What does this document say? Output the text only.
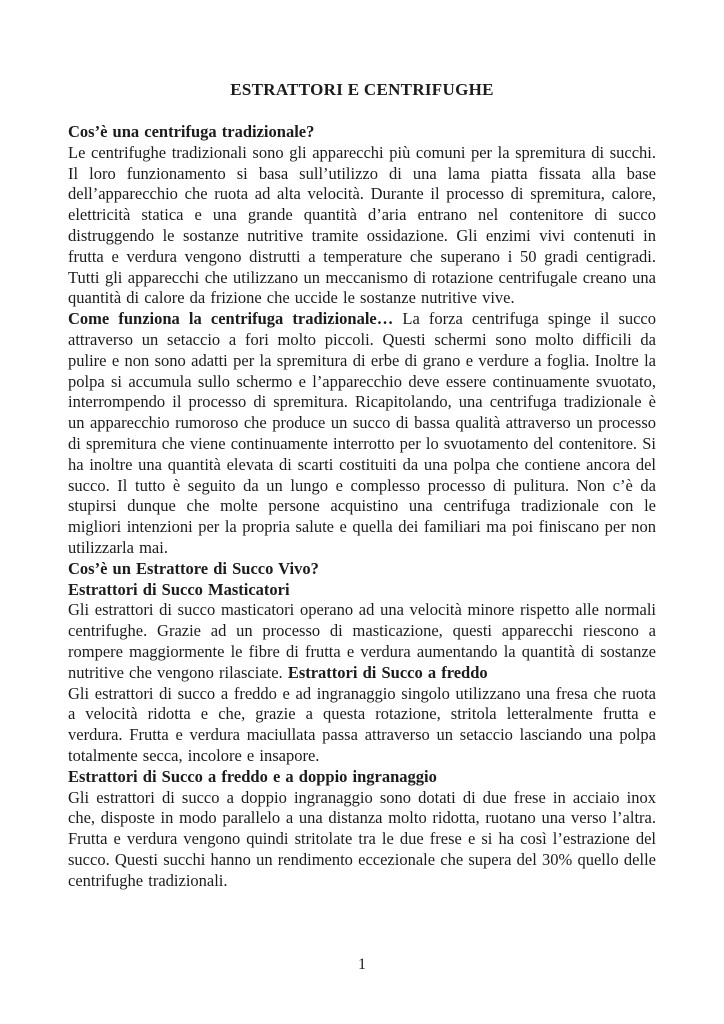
ESTRATTORI E CENTRIFUGHE

Cos’è una centrifuga tradizionale?

Le centrifughe tradizionali sono gli apparecchi più comuni per la spremitura di succhi. Il loro funzionamento si basa sull’utilizzo di una lama piatta fissata alla base dell’apparecchio che ruota ad alta velocità. Durante il processo di spremitura, calore, elettricità statica e una grande quantità d’aria entrano nel contenitore di succo distruggendo le sostanze nutritive tramite ossidazione. Gli enzimi vivi contenuti in frutta e verdura vengono distrutti a temperature che superano i 50 gradi centigradi. Tutti gli apparecchi che utilizzano un meccanismo di rotazione centrifugale creano una quantità di calore da frizione che uccide le sostanze nutritive vive.

Come funziona la centrifuga tradizionale… La forza centrifuga spinge il succo attraverso un setaccio a fori molto piccoli. Questi schermi sono molto difficili da pulire e non sono adatti per la spremitura di erbe di grano e verdure a foglia. Inoltre la polpa si accumula sullo schermo e l’apparecchio deve essere continuamente svuotato, interrompendo il processo di spremitura. Ricapitolando, una centrifuga tradizionale è un apparecchio rumoroso che produce un succo di bassa qualità attraverso un processo di spremitura che viene continuamente interrotto per lo svuotamento del contenitore. Si ha inoltre una quantità elevata di scarti costituiti da una polpa che contiene ancora del succo. Il tutto è seguito da un lungo e complesso processo di pulitura. Non c’è da stupirsi dunque che molte persone acquistino una centrifuga tradizionale con le migliori intenzioni per la propria salute e quella dei familiari ma poi finiscano per non utilizzarla mai.

Cos’è un Estrattore di Succo Vivo?

Estrattori di Succo Masticatori

Gli estrattori di succo masticatori operano ad una velocità minore rispetto alle normali centrifughe. Grazie ad un processo di masticazione, questi apparecchi riescono a rompere maggiormente le fibre di frutta e verdura aumentando la quantità di sostanze nutritive che vengono rilasciate. Estrattori di Succo a freddo

Gli estrattori di succo a freddo e ad ingranaggio singolo utilizzano una fresa che ruota a velocità ridotta e che, grazie a questa rotazione, stritola letteralmente frutta e verdura. Frutta e verdura maciullata passa attraverso un setaccio lasciando una polpa totalmente secca, incolore e insapore.

Estrattori di Succo a freddo e a doppio ingranaggio

Gli estrattori di succo a doppio ingranaggio sono dotati di due frese in acciaio inox che, disposte in modo parallelo a una distanza molto ridotta, ruotano una verso l’altra. Frutta e verdura vengono quindi stritolate tra le due frese e si ha così l’estrazione del succo. Questi succhi hanno un rendimento eccezionale che supera del 30% quello delle centrifughe tradizionali.

1
